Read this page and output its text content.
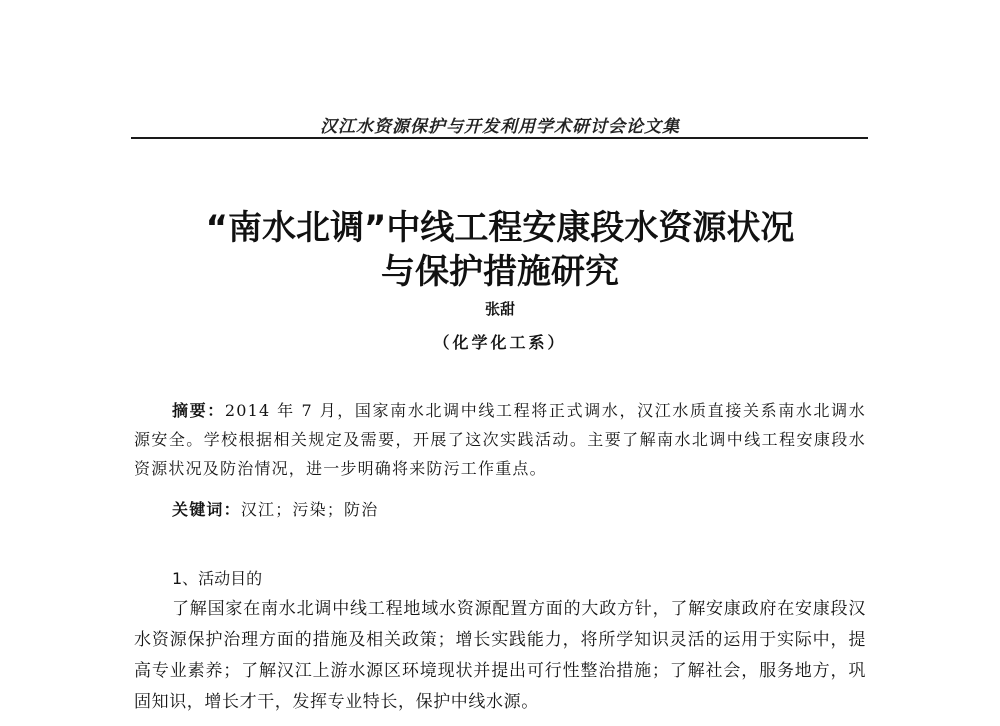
汉江水资源保护与开发利用学术研讨会论文集
“南水北调”中线工程安康段水资源状况
与保护措施研究
张甜
（化学化工系）
摘要：2014 年 7 月，国家南水北调中线工程将正式调水，汉江水质直接关系南水北调水源安全。学校根据相关规定及需要，开展了这次实践活动。主要了解南水北调中线工程安康段水资源状况及防治情况，进一步明确将来防污工作重点。
关键词：汉江；污染；防治
1、活动目的
了解国家在南水北调中线工程地域水资源配置方面的大政方针，了解安康政府在安康段汉水资源保护治理方面的措施及相关政策；增长实践能力，将所学知识灵活的运用于实际中，提高专业素养；了解汉江上游水源区环境现状并提出可行性整治措施；了解社会，服务地方，巩固知识，增长才干，发挥专业特长，保护中线水源。
